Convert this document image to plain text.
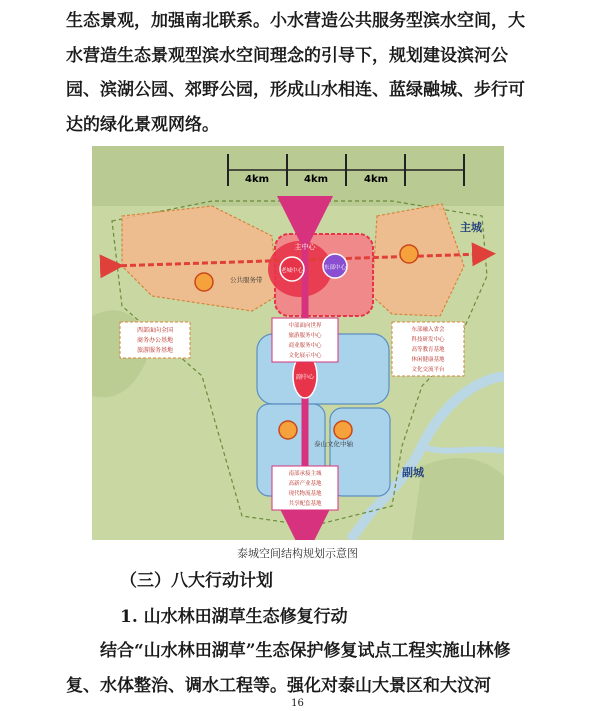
生态景观，加强南北联系。小水营造公共服务型滨水空间，大水营造生态景观型滨水空间理念的引导下，规划建设滨河公园、滨湖公园、郊野公园，形成山水相连、蓝绿融城、步行可达的绿化景观网络。
4km	4km	4km
主中心
老城中心	东部中心
副中心
公共服务带
泰山文化中轴
主城
副城
西部面向全国
商务办公基地
旅游服务基地
中部面向世界
旅游服务中心
商业服务中心
文化展示中心
东部融入省会
科技研发中心
高等教育基地
休闲健康基地
文化交流平台
南部承接主城
高新产业基地
现代物流基地
共享配套基地
泰城空间结构规划示意图
（三）八大行动计划
1. 山水林田湖草生态修复行动
结合“山水林田湖草”生态保护修复试点工程实施山林修复、水体整治、调水工程等。强化对泰山大景区和大汶河
16
